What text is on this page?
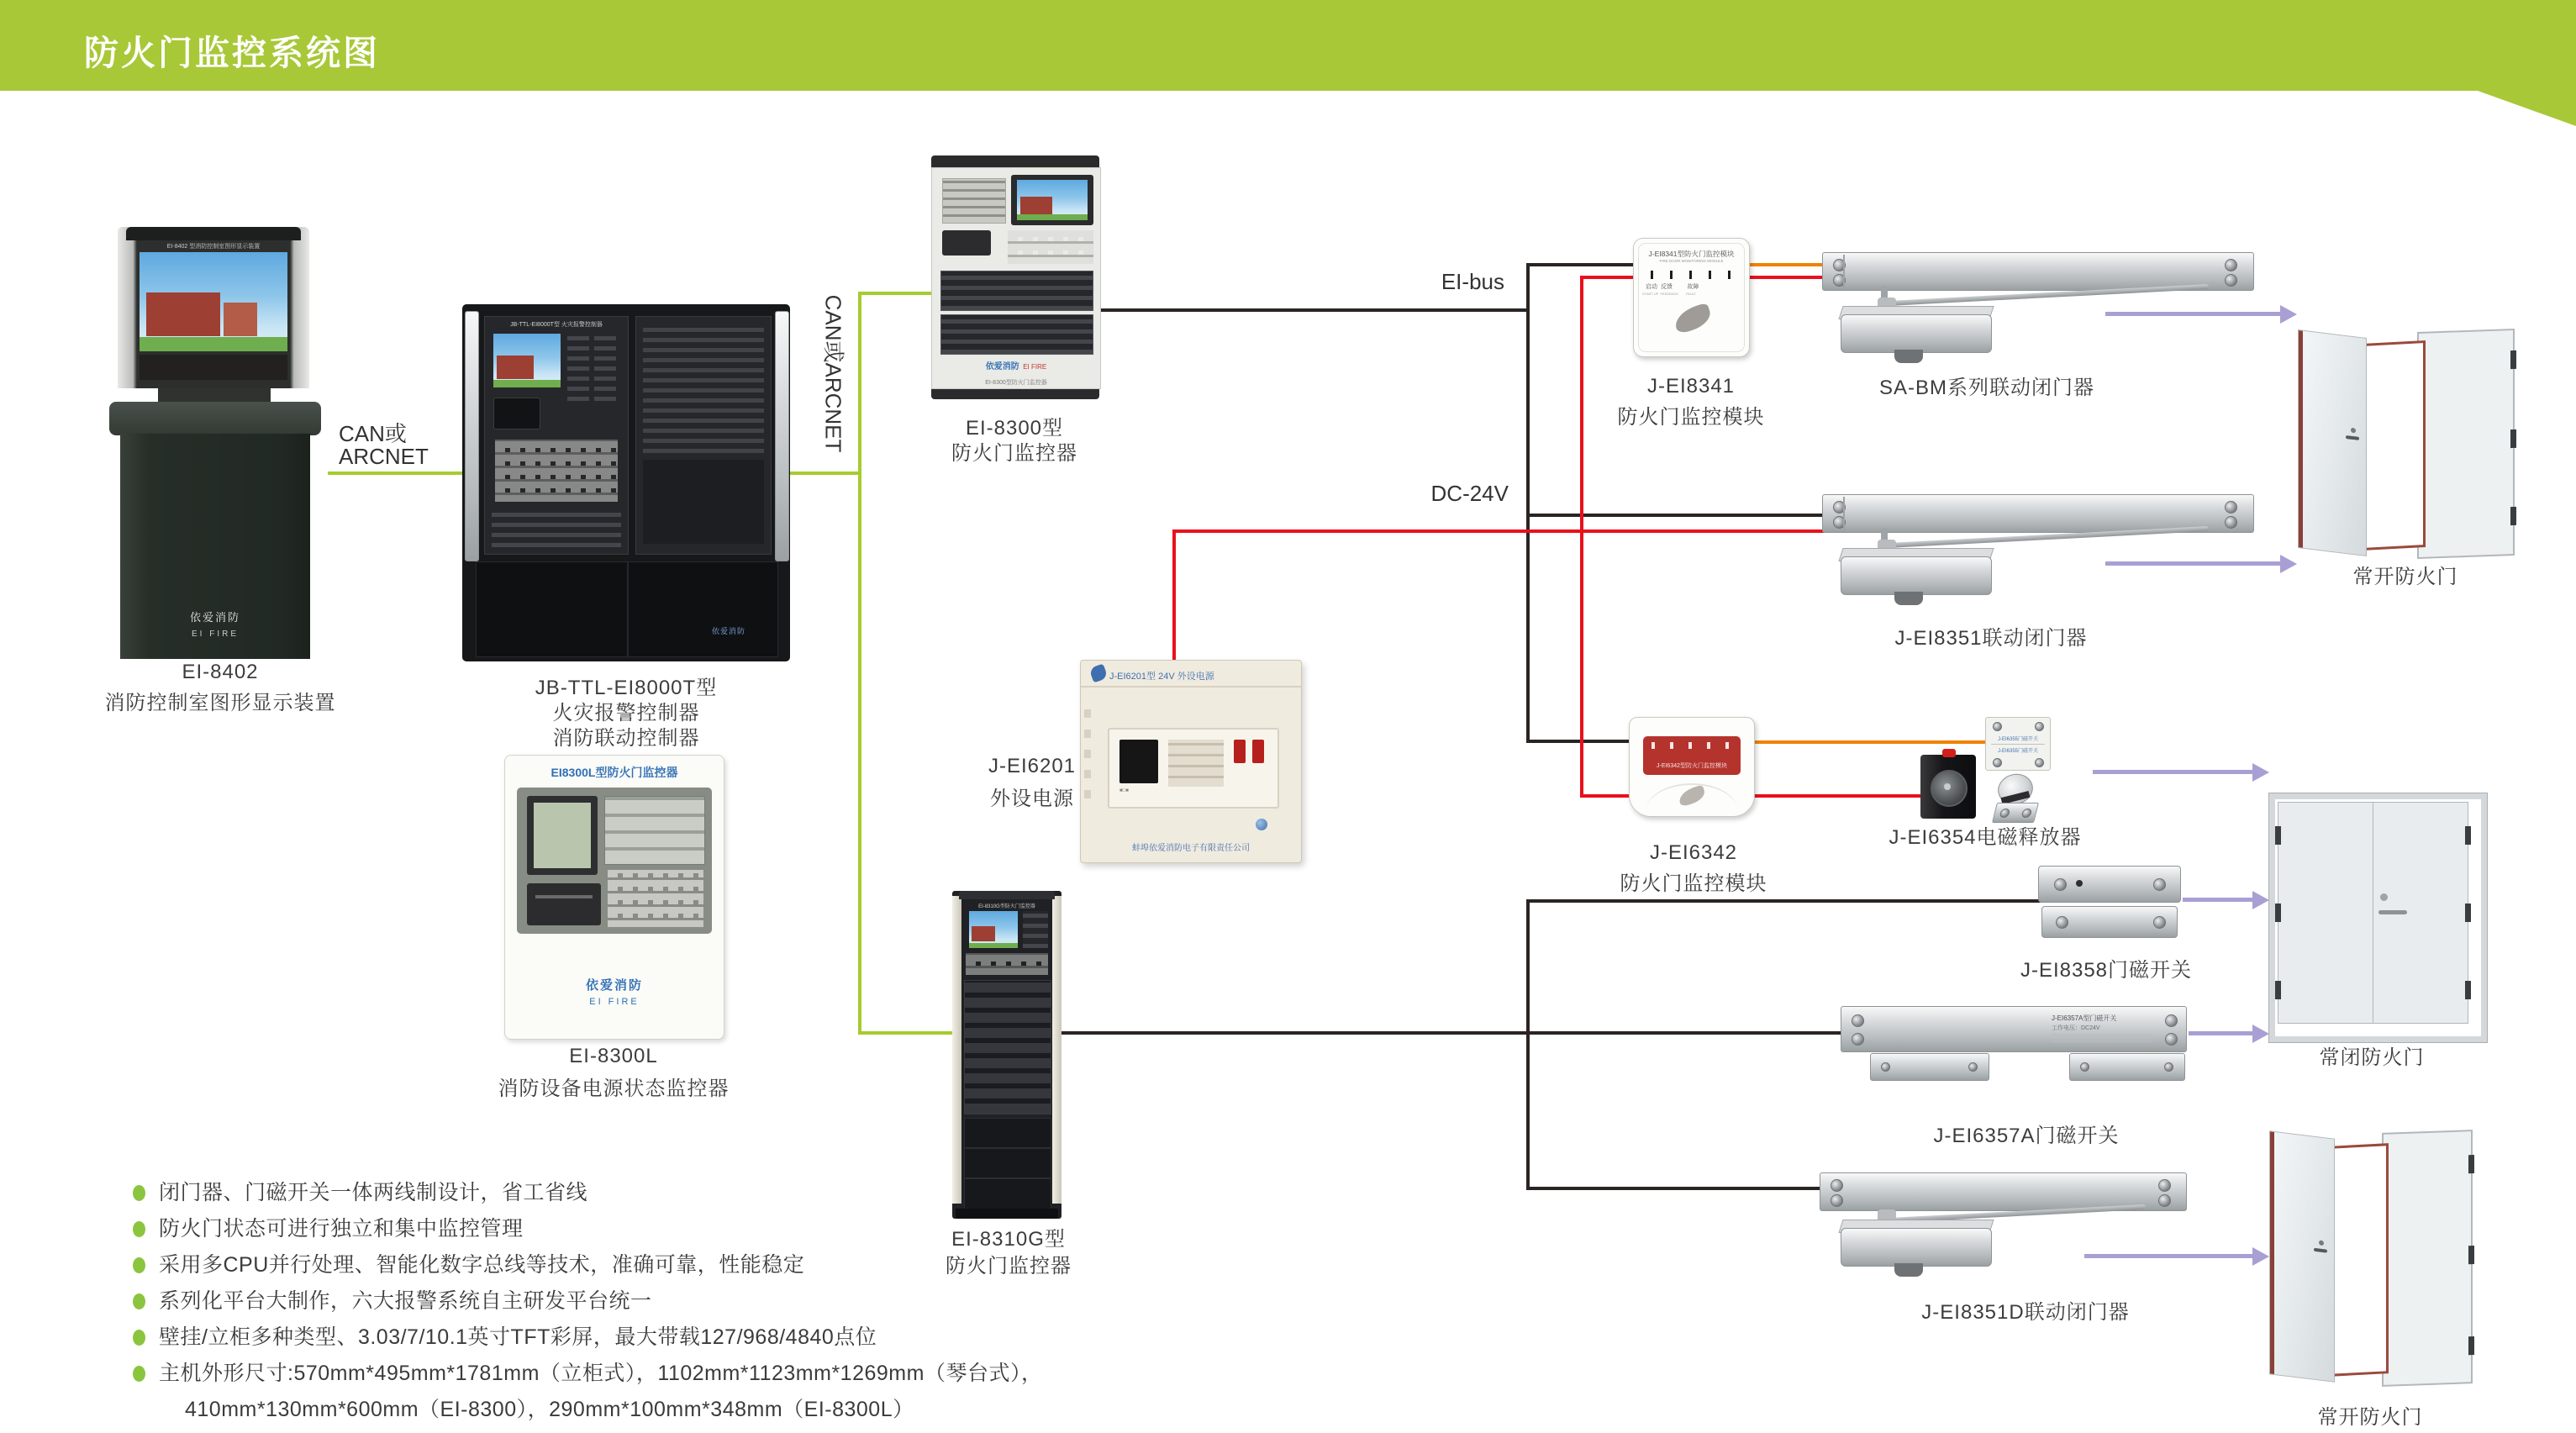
防火门监控系统图
CAN或
ARCNET
CAN或ARCNET
EI-bus
DC-24V
EI-8402 型消防控制室图形显示装置
依爱消防
EI FIRE
EI-8402
消防控制室图形显示装置
JB-TTL-EI8000T型 火灾报警控制器
依爱消防
JB-TTL-EI8000T型
火灾报警控制器
消防联动控制器
EI8300L型防火门监控器
依爱消防
EI FIRE
EI-8300L
消防设备电源状态监控器
依爱消防 EI FIRE
EI-8300型防火门监控器
EI-8300型
防火门监控器
EI-8310G型防火门监控器
EI-8310G型
防火门监控器
J-EI6201型 24V 外设电源
■□■
蚌埠依爱消防电子有限责任公司
J-EI6201
外设电源
J-EI8341型防火门监控模块
FIRE DOOR MONITORING MODULE
启动 反馈	故障
START UP  FEEDBACK        FAULT
J-EI8341
防火门监控模块
J-EI6342型防火门监控模块
J-EI6342
防火门监控模块
SA-BM系列联动闭门器
J-EI8351联动闭门器
J-EI6355门磁开关
J-EI6355门磁开关
J-EI6354电磁释放器
J-EI8358门磁开关
J-EI6357A型门磁开关
工作电压：DC24V
J-EI6357A门磁开关
J-EI8351D联动闭门器
常开防火门
常闭防火门
常开防火门
闭门器、门磁开关一体两线制设计，省工省线
防火门状态可进行独立和集中监控管理
采用多CPU并行处理、智能化数字总线等技术，准确可靠，性能稳定
系列化平台大制作，六大报警系统自主研发平台统一
壁挂/立柜多种类型、3.03/7/10.1英寸TFT彩屏，最大带载127/968/4840点位
主机外形尺寸:570mm*495mm*1781mm（立柜式），1102mm*1123mm*1269mm（琴台式），
410mm*130mm*600mm（EI-8300），290mm*100mm*348mm（EI-8300L）
